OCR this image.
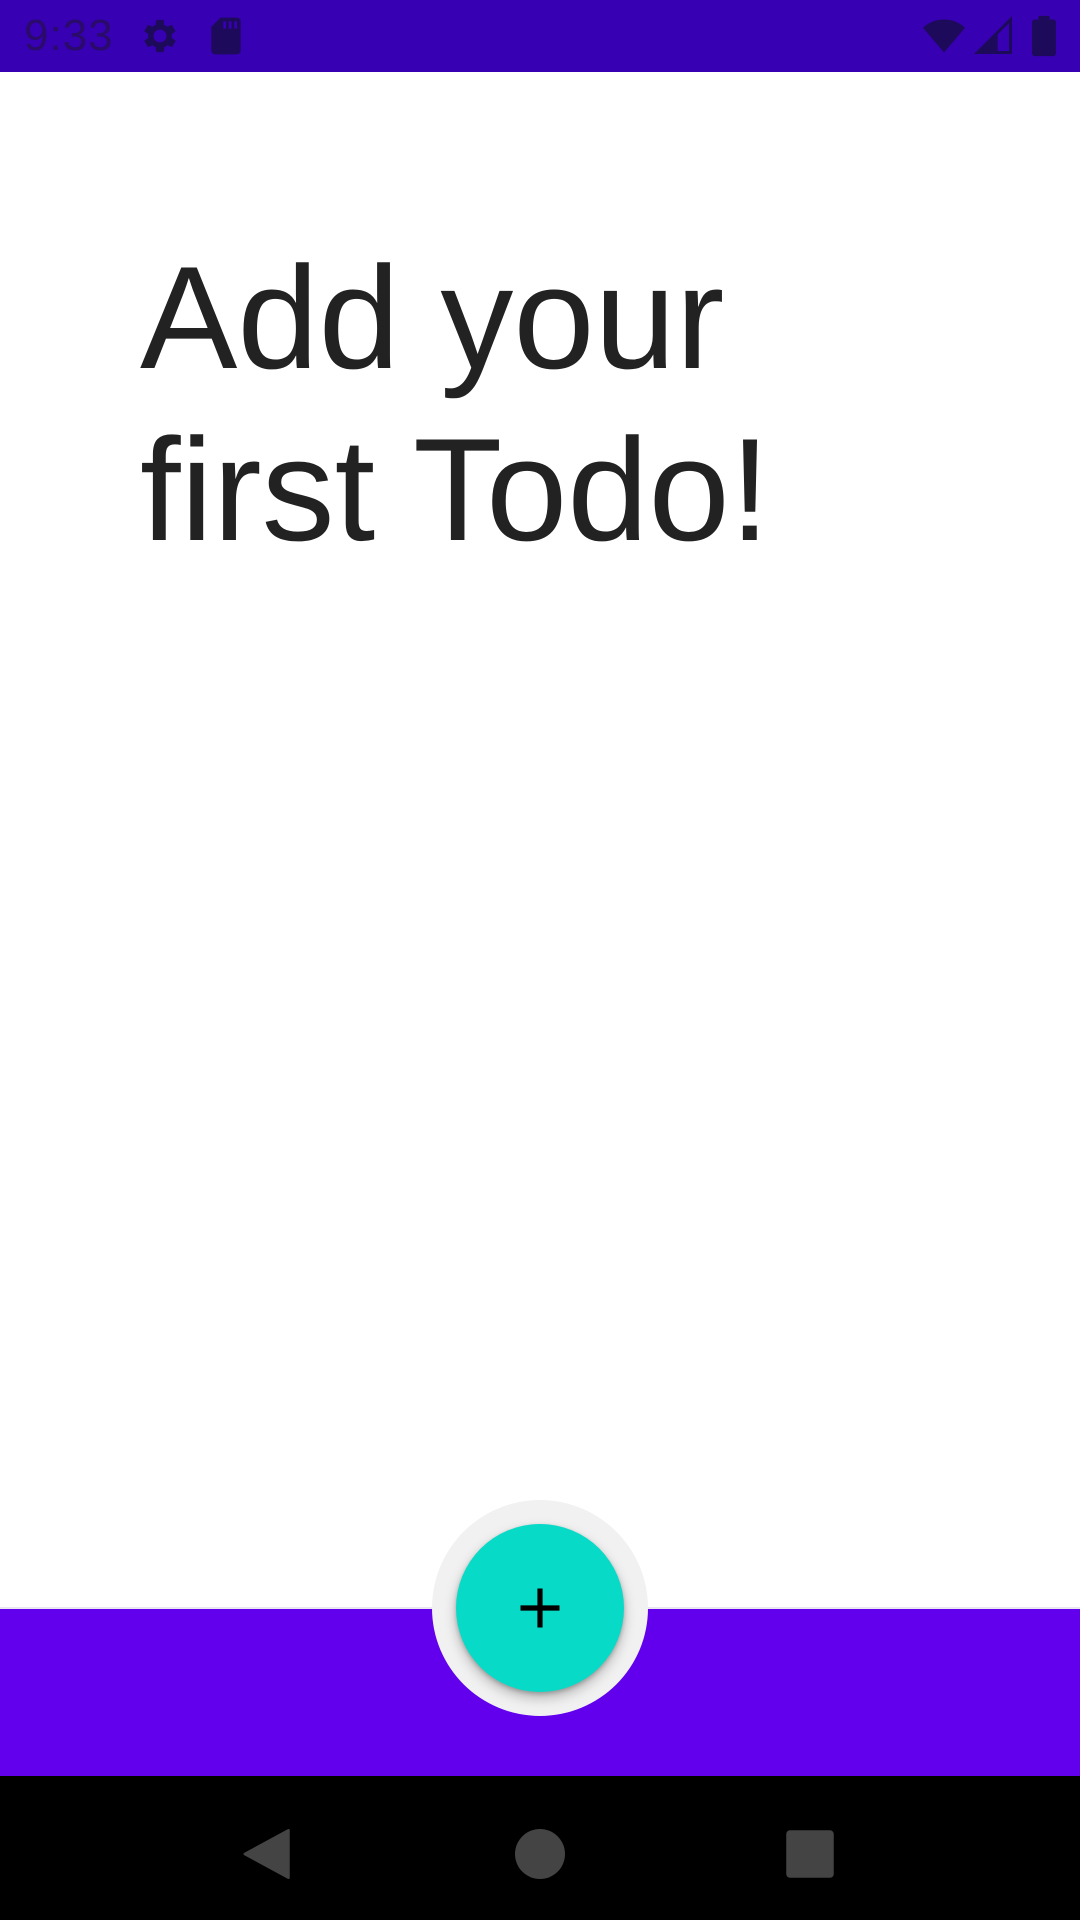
9:33
Add your first Todo!
